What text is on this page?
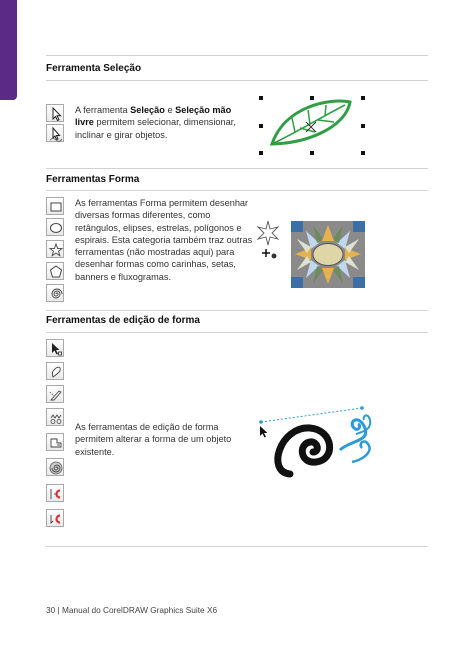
Ferramenta Seleção
A ferramenta Seleção e Seleção mão livre permitem selecionar, dimensionar, inclinar e girar objetos.
Ferramentas Forma
As ferramentas Forma permitem desenhar diversas formas diferentes, como retângulos, elipses, estrelas, polígonos e espirais. Esta categoria também traz outras ferramentas (não mostradas aqui) para desenhar formas como carinhas, setas, banners e fluxogramas.
Ferramentas de edição de forma
As ferramentas de edição de forma permitem alterar a forma de um objeto existente.
30 | Manual do CorelDRAW Graphics Suite X6
